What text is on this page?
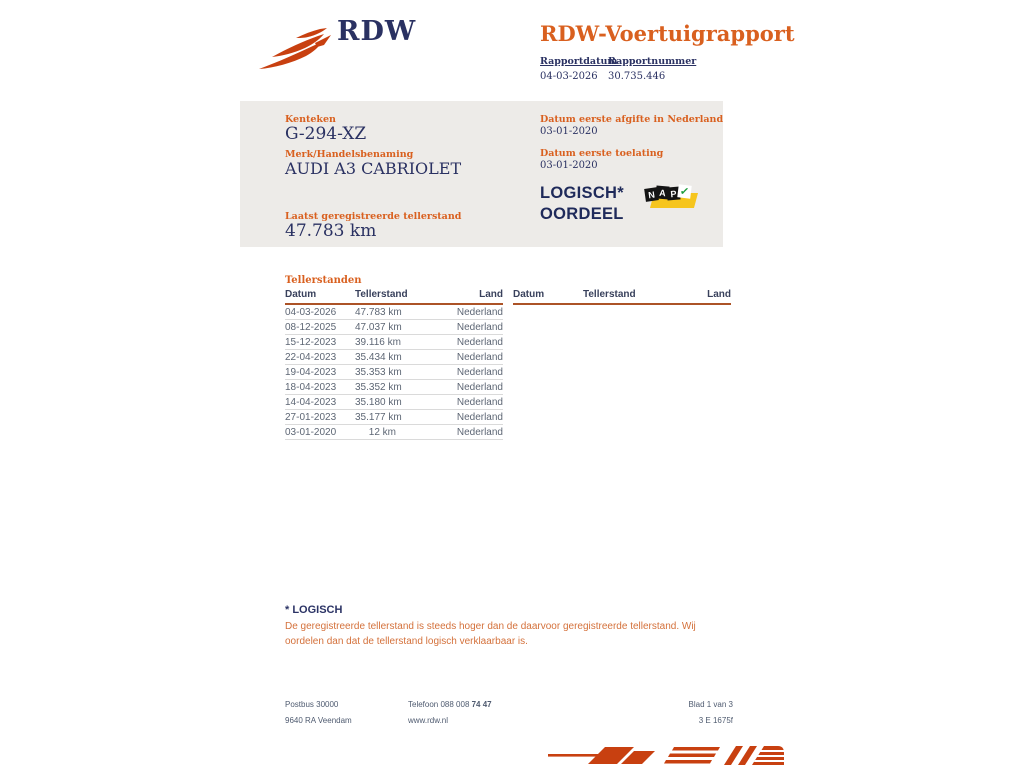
RDW	RDW-Voertuigrapport
Rapportdatum
04-03-2026
Rapportnummer
30.735.446
Kenteken
G-294-XZ
Merk/Handelsbenaming
AUDI A3 CABRIOLET
Laatst geregistreerde tellerstand
47.783 km
Datum eerste afgifte in Nederland
03-01-2020
Datum eerste toelating
03-01-2020
LOGISCH*
OORDEEL
N A P ✓
Tellerstanden
Datum	Tellerstand	Land
04-03-2026	47.783 km	Nederland
08-12-2025	47.037 km	Nederland
15-12-2023	39.116 km	Nederland
22-04-2023	35.434 km	Nederland
19-04-2023	35.353 km	Nederland
18-04-2023	35.352 km	Nederland
14-04-2023	35.180 km	Nederland
27-01-2023	35.177 km	Nederland
03-01-2020	12 km	Nederland
Datum	Tellerstand	Land
* LOGISCH
De geregistreerde tellerstand is steeds hoger dan de daarvoor geregistreerde tellerstand. Wij oordelen dan dat de tellerstand logisch verklaarbaar is.
Postbus 30000
9640 RA Veendam
Telefoon 088 008 74 47
www.rdw.nl
Blad 1 van 3
3 E 1675f
